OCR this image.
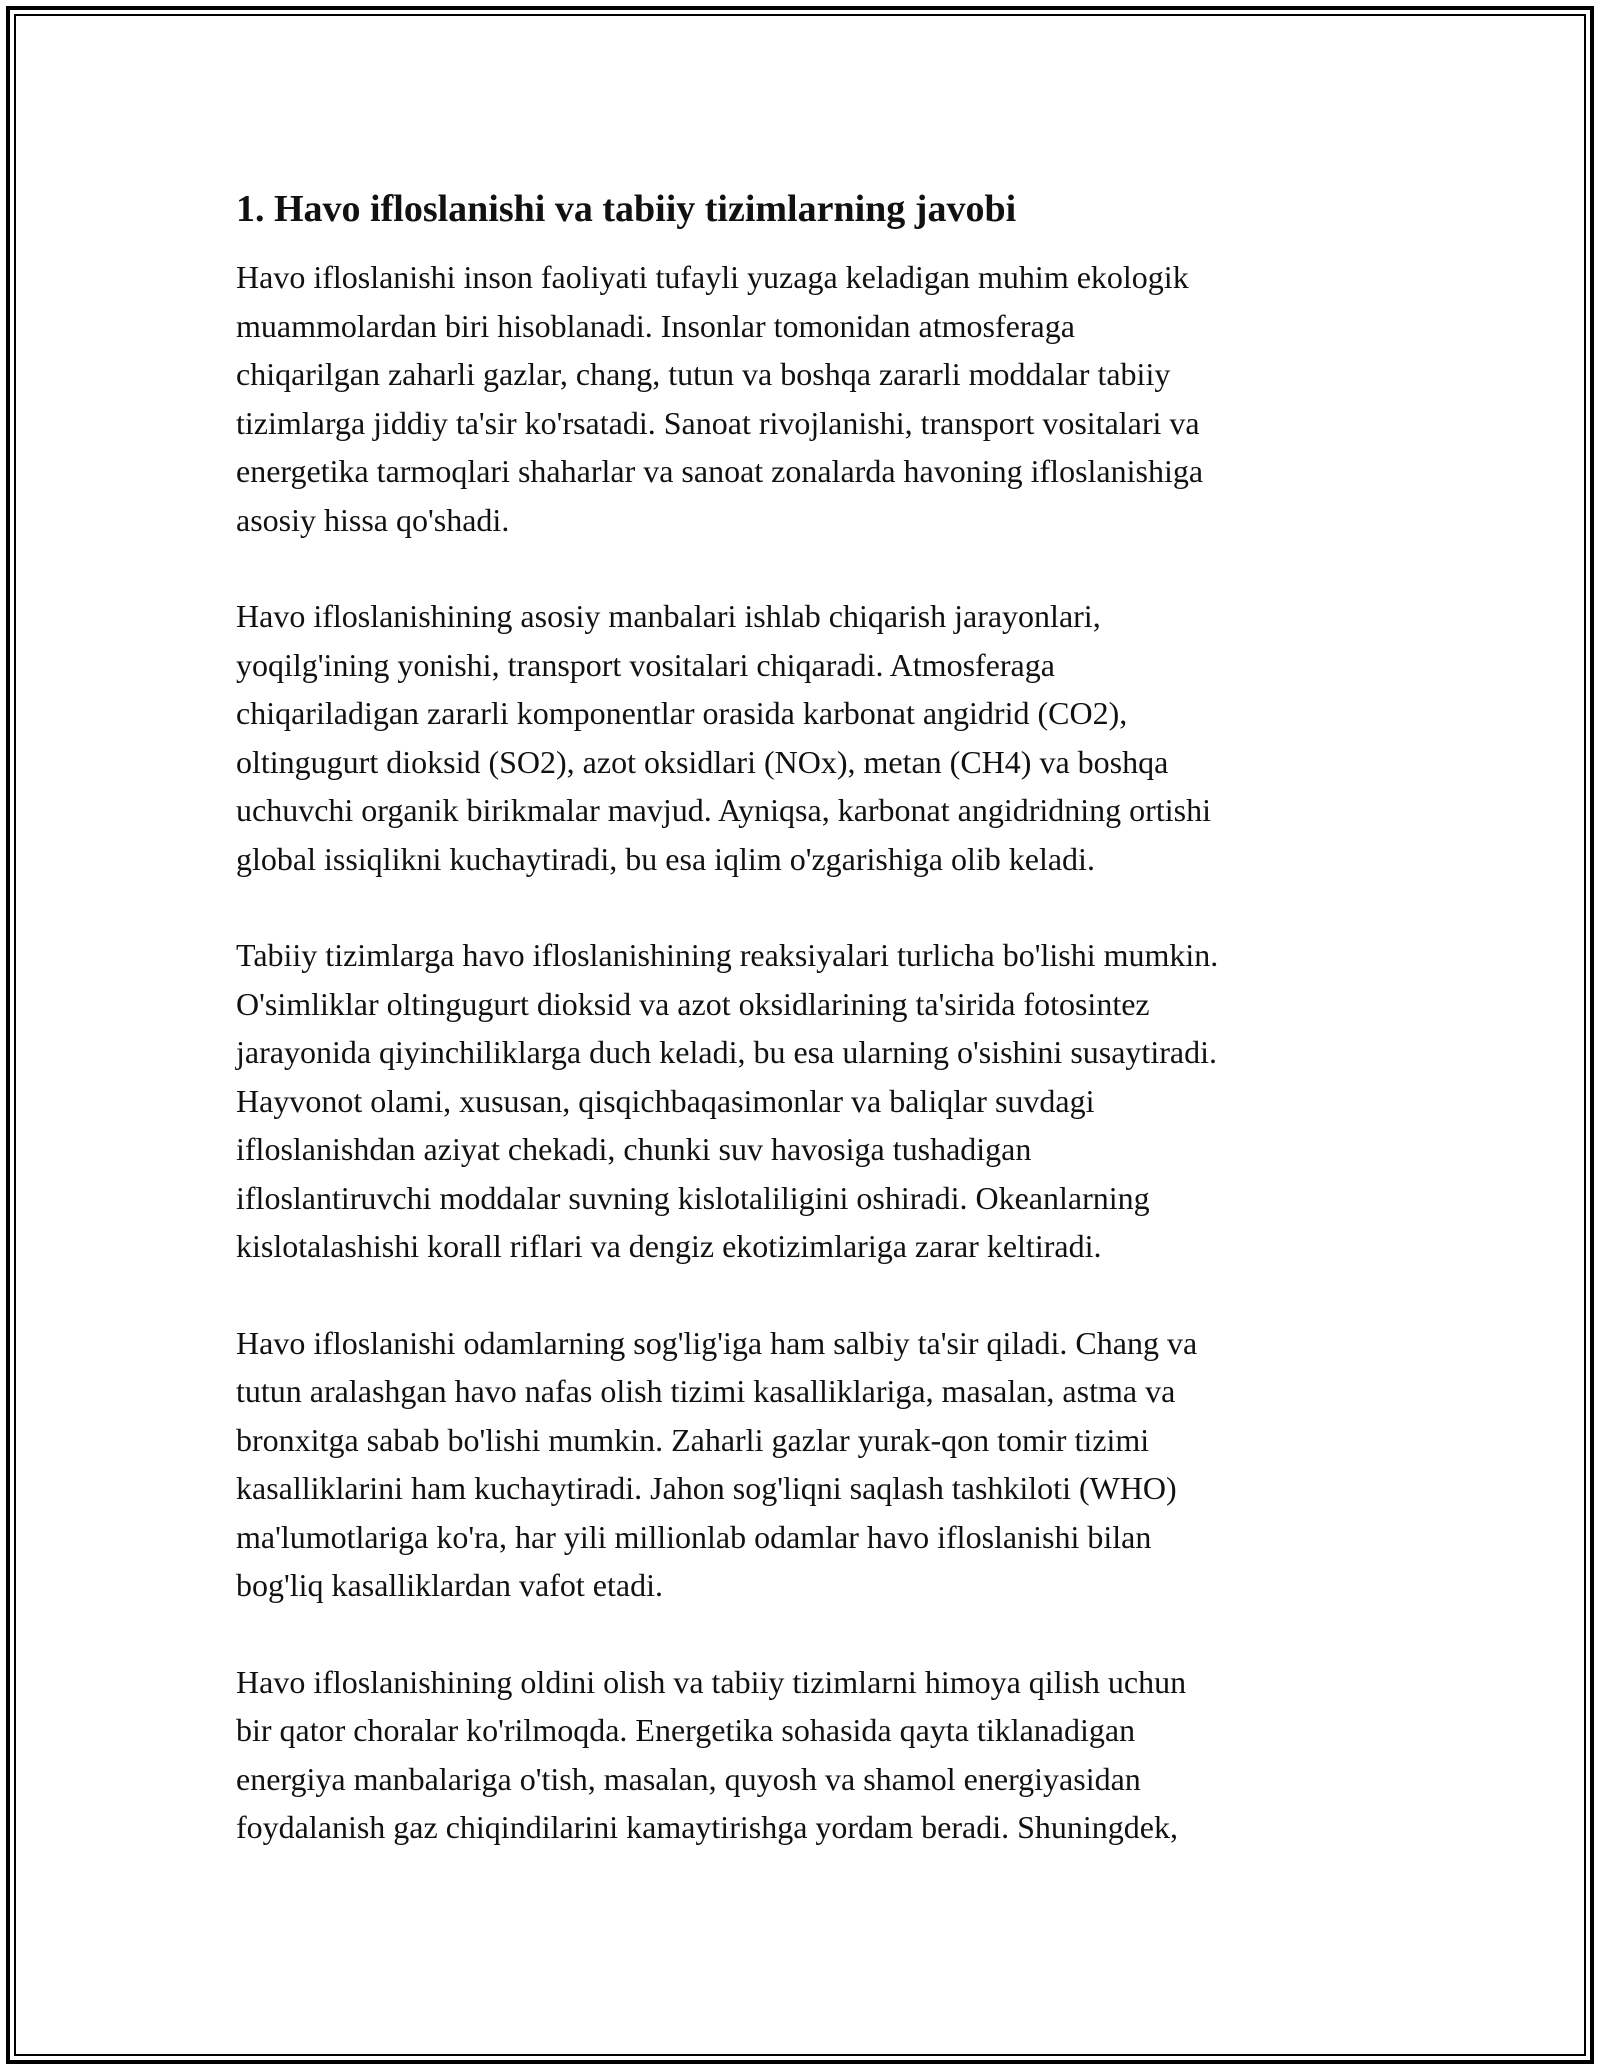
1. Havo ifloslanishi va tabiiy tizimlarning javobi

Havo ifloslanishi inson faoliyati tufayli yuzaga keladigan muhim ekologik
muammolardan biri hisoblanadi. Insonlar tomonidan atmosferaga
chiqarilgan zaharli gazlar, chang, tutun va boshqa zararli moddalar tabiiy
tizimlarga jiddiy ta'sir ko'rsatadi. Sanoat rivojlanishi, transport vositalari va
energetika tarmoqlari shaharlar va sanoat zonalarda havoning ifloslanishiga
asosiy hissa qo'shadi.

Havo ifloslanishining asosiy manbalari ishlab chiqarish jarayonlari,
yoqilg'ining yonishi, transport vositalari chiqaradi. Atmosferaga
chiqariladigan zararli komponentlar orasida karbonat angidrid (CO2),
oltingugurt dioksid (SO2), azot oksidlari (NOx), metan (CH4) va boshqa
uchuvchi organik birikmalar mavjud. Ayniqsa, karbonat angidridning ortishi
global issiqlikni kuchaytiradi, bu esa iqlim o'zgarishiga olib keladi.

Tabiiy tizimlarga havo ifloslanishining reaksiyalari turlicha bo'lishi mumkin.
O'simliklar oltingugurt dioksid va azot oksidlarining ta'sirida fotosintez
jarayonida qiyinchiliklarga duch keladi, bu esa ularning o'sishini susaytiradi.
Hayvonot olami, xususan, qisqichbaqasimonlar va baliqlar suvdagi
ifloslanishdan aziyat chekadi, chunki suv havosiga tushadigan
ifloslantiruvchi moddalar suvning kislotaliligini oshiradi. Okeanlarning
kislotalashishi korall riflari va dengiz ekotizimlariga zarar keltiradi.

Havo ifloslanishi odamlarning sog'lig'iga ham salbiy ta'sir qiladi. Chang va
tutun aralashgan havo nafas olish tizimi kasalliklariga, masalan, astma va
bronxitga sabab bo'lishi mumkin. Zaharli gazlar yurak-qon tomir tizimi
kasalliklarini ham kuchaytiradi. Jahon sog'liqni saqlash tashkiloti (WHO)
ma'lumotlariga ko'ra, har yili millionlab odamlar havo ifloslanishi bilan
bog'liq kasalliklardan vafot etadi.

Havo ifloslanishining oldini olish va tabiiy tizimlarni himoya qilish uchun
bir qator choralar ko'rilmoqda. Energetika sohasida qayta tiklanadigan
energiya manbalariga o'tish, masalan, quyosh va shamol energiyasidan
foydalanish gaz chiqindilarini kamaytirishga yordam beradi. Shuningdek,
